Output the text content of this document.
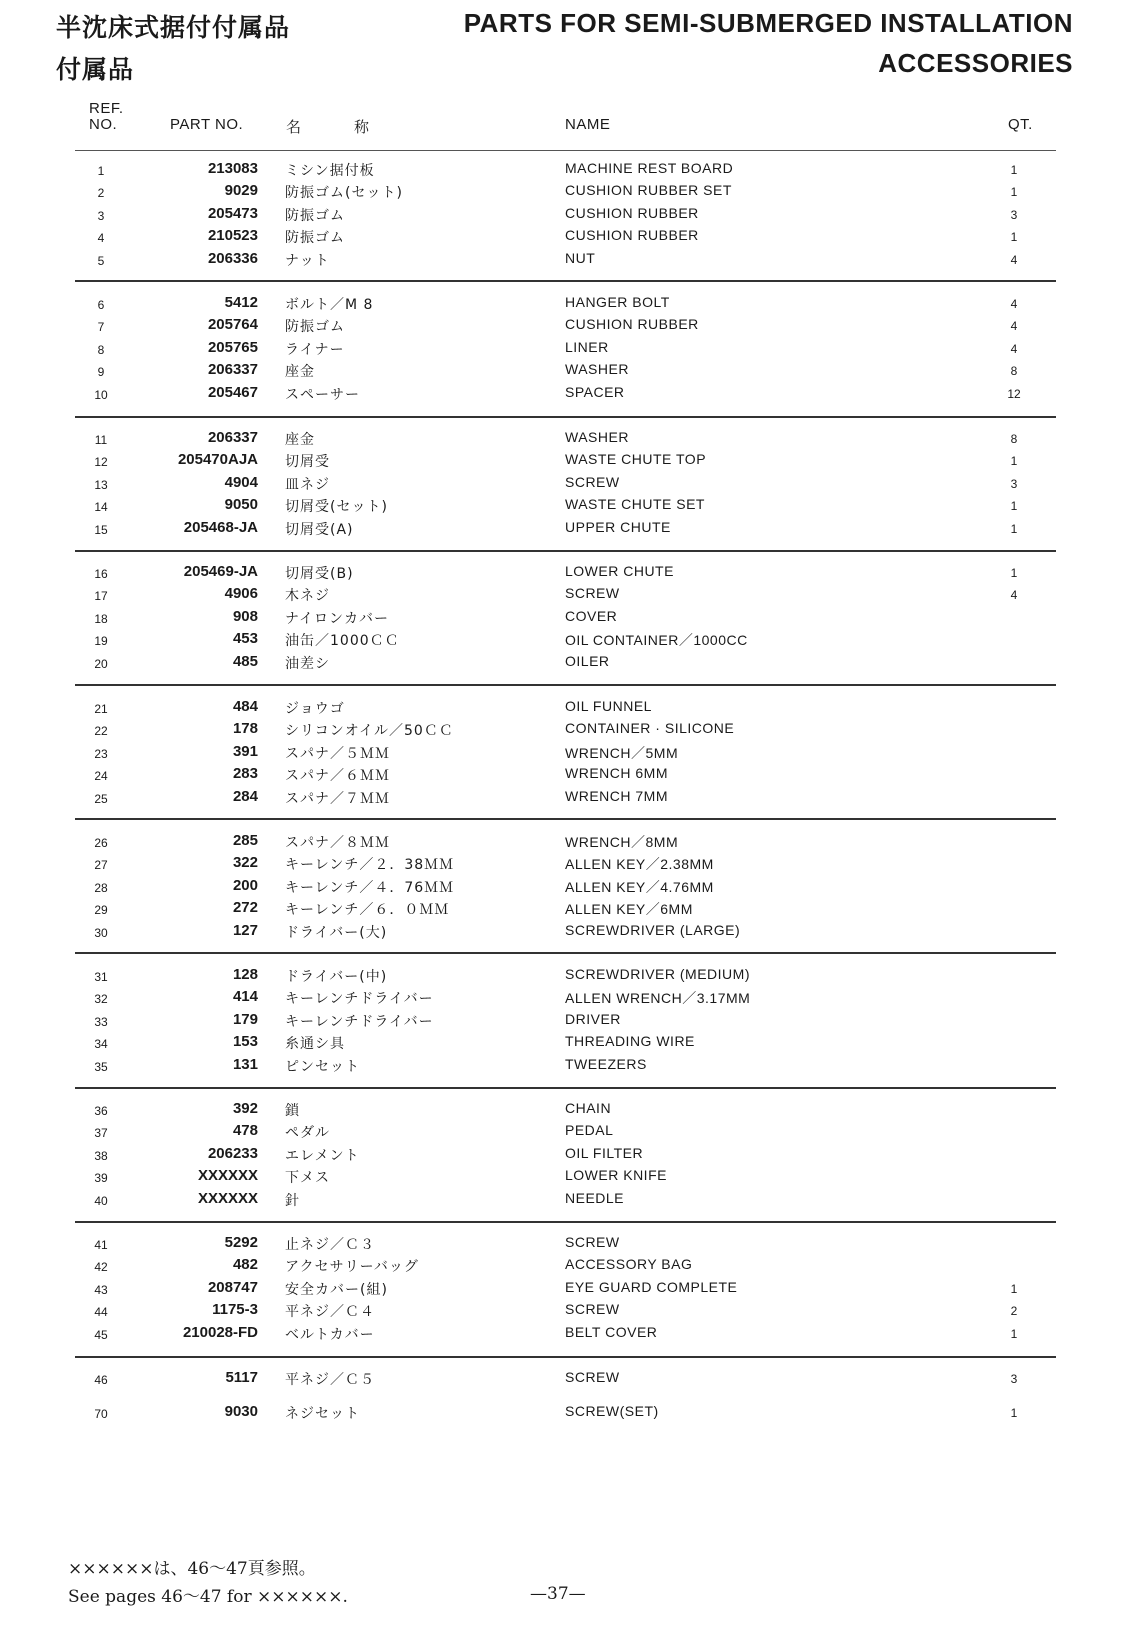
半沈床式据付付属品
付属品
PARTS FOR SEMI-SUBMERGED INSTALLATION
ACCESSORIES
REF.
NO.	PART NO.	名	称	NAME	QT.
1	213083 ミシン据付板	MACHINE REST BOARD	1
2	9029 防振ゴム(セット)	CUSHION RUBBER SET	1
3	205473 防振ゴム	CUSHION RUBBER	3
4	210523 防振ゴム	CUSHION RUBBER	1
5	206336 ナット	NUT	4
6	5412 ボルト／M 8	HANGER BOLT	4
7	205764 防振ゴム	CUSHION RUBBER	4
8	205765 ライナー	LINER	4
9	206337 座金	WASHER	8
10	205467 スペーサー	SPACER	12
11	206337 座金	WASHER	8
12	205470AJA 切屑受	WASTE CHUTE TOP	1
13	4904 皿ネジ	SCREW	3
14	9050 切屑受(セット)	WASTE CHUTE SET	1
15	205468-JA 切屑受(A)	UPPER CHUTE	1
16	205469-JA 切屑受(B)	LOWER CHUTE	1
17	4906 木ネジ	SCREW	4
18	908 ナイロンカバー	COVER
19	453 油缶／1000ＣＣ	OIL CONTAINER／1000CC
20	485 油差シ	OILER
21	484 ジョウゴ	OIL FUNNEL
22	178 シリコンオイル／50ＣＣ	CONTAINER · SILICONE
23	391 スパナ／５ＭＭ	WRENCH／5MM
24	283 スパナ／６ＭＭ	WRENCH 6MM
25	284 スパナ／７ＭＭ	WRENCH 7MM
26	285 スパナ／８ＭＭ	WRENCH／8MM
27	322 キーレンチ／２．38ＭＭ	ALLEN KEY／2.38MM
28	200 キーレンチ／４．76ＭＭ	ALLEN KEY／4.76MM
29	272 キーレンチ／６．０ＭＭ	ALLEN KEY／6MM
30	127 ドライバー(大)	SCREWDRIVER (LARGE)
31	128 ドライバー(中)	SCREWDRIVER (MEDIUM)
32	414 キーレンチドライバー	ALLEN WRENCH／3.17MM
33	179 キーレンチドライバー	DRIVER
34	153 糸通シ具	THREADING WIRE
35	131 ピンセット	TWEEZERS
36	392 鎖	CHAIN
37	478 ペダル	PEDAL
38	206233 エレメント	OIL FILTER
39	XXXXXX 下メス	LOWER KNIFE
40	XXXXXX 針	NEEDLE
41	5292 止ネジ／Ｃ３	SCREW
42	482 アクセサリーバッグ	ACCESSORY BAG
43	208747 安全カバー(組)	EYE GUARD COMPLETE	1
44	1175-3 平ネジ／Ｃ４	SCREW	2
45	210028-FD ベルトカバー	BELT COVER	1
46	5117 平ネジ／Ｃ５	SCREW	3
70	9030 ネジセット	SCREW(SET)	1
××××××は、46～47頁参照。
See pages 46～47 for ××××××.	—37—
